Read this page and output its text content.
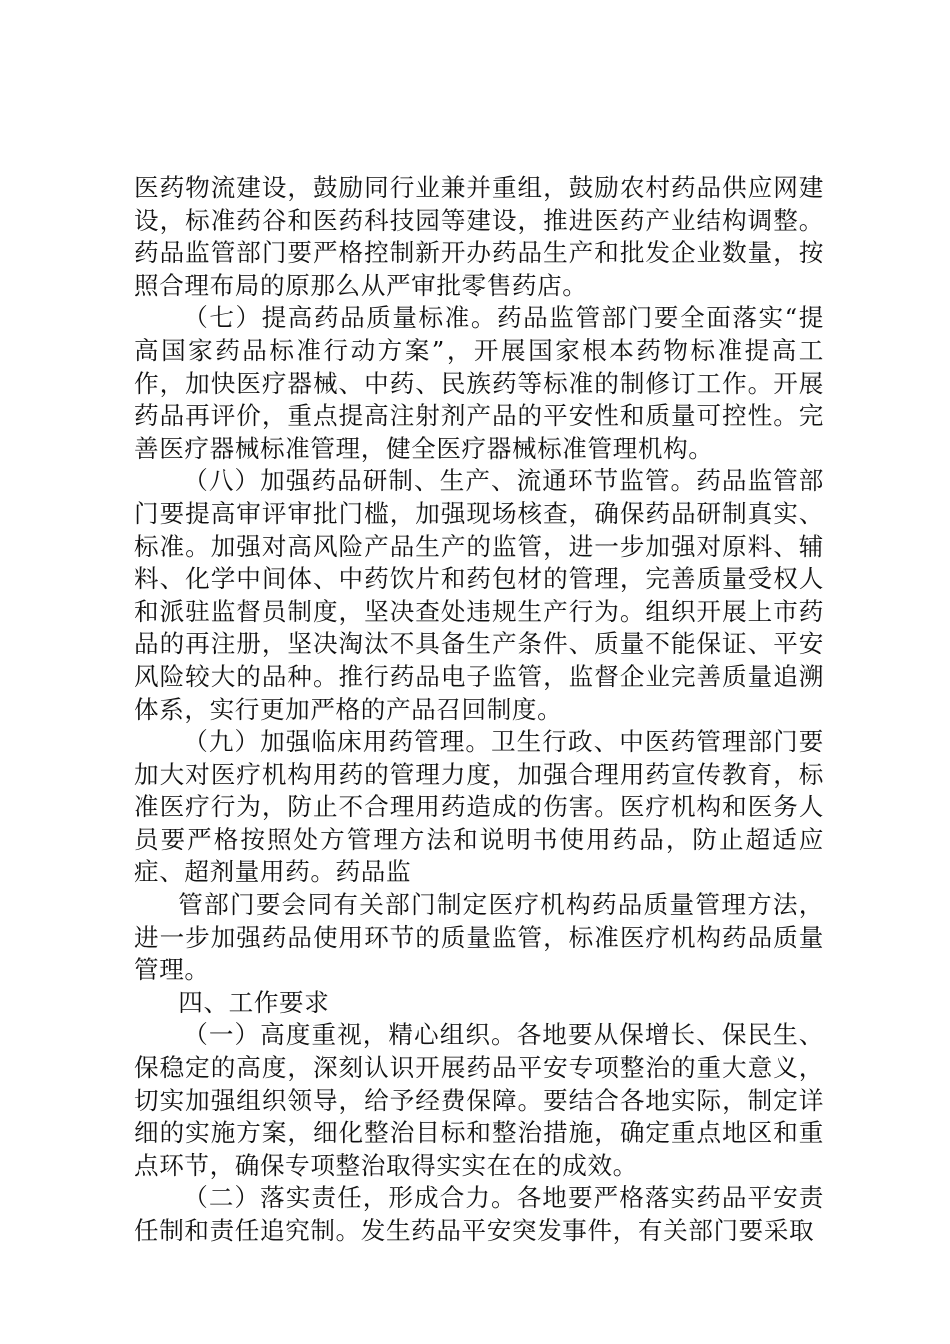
医药物流建设，鼓励同行业兼并重组，鼓励农村药品供应网建设，标准药谷和医药科技园等建设，推进医药产业结构调整。药品监管部门要严格控制新开办药品生产和批发企业数量，按照合理布局的原那么从严审批零售药店。

（七）提高药品质量标准。药品监管部门要全面落实“提高国家药品标准行动方案”，开展国家根本药物标准提高工作，加快医疗器械、中药、民族药等标准的制修订工作。开展药品再评价，重点提高注射剂产品的平安性和质量可控性。完善医疗器械标准管理，健全医疗器械标准管理机构。

（八）加强药品研制、生产、流通环节监管。药品监管部门要提高审评审批门槛，加强现场核查，确保药品研制真实、标准。加强对高风险产品生产的监管，进一步加强对原料、辅料、化学中间体、中药饮片和药包材的管理，完善质量受权人和派驻监督员制度，坚决查处违规生产行为。组织开展上市药品的再注册，坚决淘汰不具备生产条件、质量不能保证、平安风险较大的品种。推行药品电子监管，监督企业完善质量追溯体系，实行更加严格的产品召回制度。

（九）加强临床用药管理。卫生行政、中医药管理部门要加大对医疗机构用药的管理力度，加强合理用药宣传教育，标准医疗行为，防止不合理用药造成的伤害。医疗机构和医务人员要严格按照处方管理方法和说明书使用药品，防止超适应症、超剂量用药。药品监

管部门要会同有关部门制定医疗机构药品质量管理方法，进一步加强药品使用环节的质量监管，标准医疗机构药品质量管理。

四、工作要求

（一）高度重视，精心组织。各地要从保增长、保民生、保稳定的高度，深刻认识开展药品平安专项整治的重大意义，切实加强组织领导，给予经费保障。要结合各地实际，制定详细的实施方案，细化整治目标和整治措施，确定重点地区和重点环节，确保专项整治取得实实在在的成效。

（二）落实责任，形成合力。各地要严格落实药品平安责任制和责任追究制。发生药品平安突发事件，有关部门要采取
